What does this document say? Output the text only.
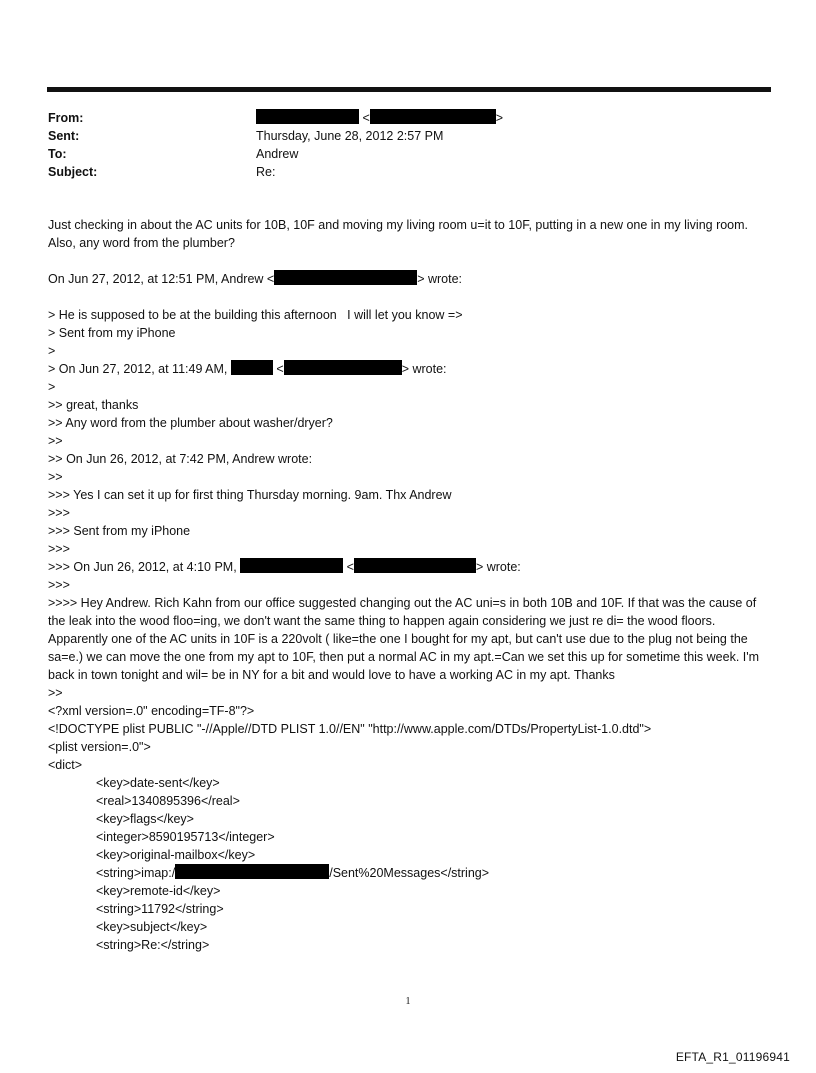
From:	<	>
Sent:	Thursday, June 28, 2012 2:57 PM
To:	Andrew
Subject:	Re:
Just checking in about the AC units for 10B, 10F and moving my living room u=it to 10F, putting in a new one in my living room.
Also, any word from the plumber?
On Jun 27, 2012, at 12:51 PM, Andrew <	> wrote:
> He is supposed to be at the building this afternoon   I will let you know =>
> Sent from my iPhone
>
> On Jun 27, 2012, at 11:49 AM,	<	> wrote:
>
>> great, thanks
>> Any word from the plumber about washer/dryer?
>>
>> On Jun 26, 2012, at 7:42 PM, Andrew wrote:
>>
>>> Yes I can set it up for first thing Thursday morning. 9am. Thx Andrew
>>>
>>> Sent from my iPhone
>>>
>>> On Jun 26, 2012, at 4:10 PM,	<	> wrote:
>>>
>>>> Hey Andrew. Rich Kahn from our office suggested changing out the AC uni=s in both 10B and 10F. If that was the cause of the leak into the wood floo=ing, we don't want the same thing to happen again considering we just re di= the wood floors. Apparently one of the AC units in 10F is a 220volt ( like=the one I bought for my apt, but can't use due to the plug not being the sa=e.) we can move the one from my apt to 10F, then put a normal AC in my apt.=Can we set this up for sometime this week. I'm back in town tonight and wil= be in NY for a bit and would love to have a working AC in my apt. Thanks
>>
<?xml version=.0" encoding=TF-8"?>
<!DOCTYPE plist PUBLIC "-//Apple//DTD PLIST 1.0//EN" "http://www.apple.com/DTDs/PropertyList-1.0.dtd">
<plist version=.0">
<dict>
<key>date-sent</key>
<real>1340895396</real>
<key>flags</key>
<integer>8590195713</integer>
<key>original-mailbox</key>
<string>imap:/	/Sent%20Messages</string>
<key>remote-id</key>
<string>11792</string>
<key>subject</key>
<string>Re:</string>
1
EFTA_R1_01196941
